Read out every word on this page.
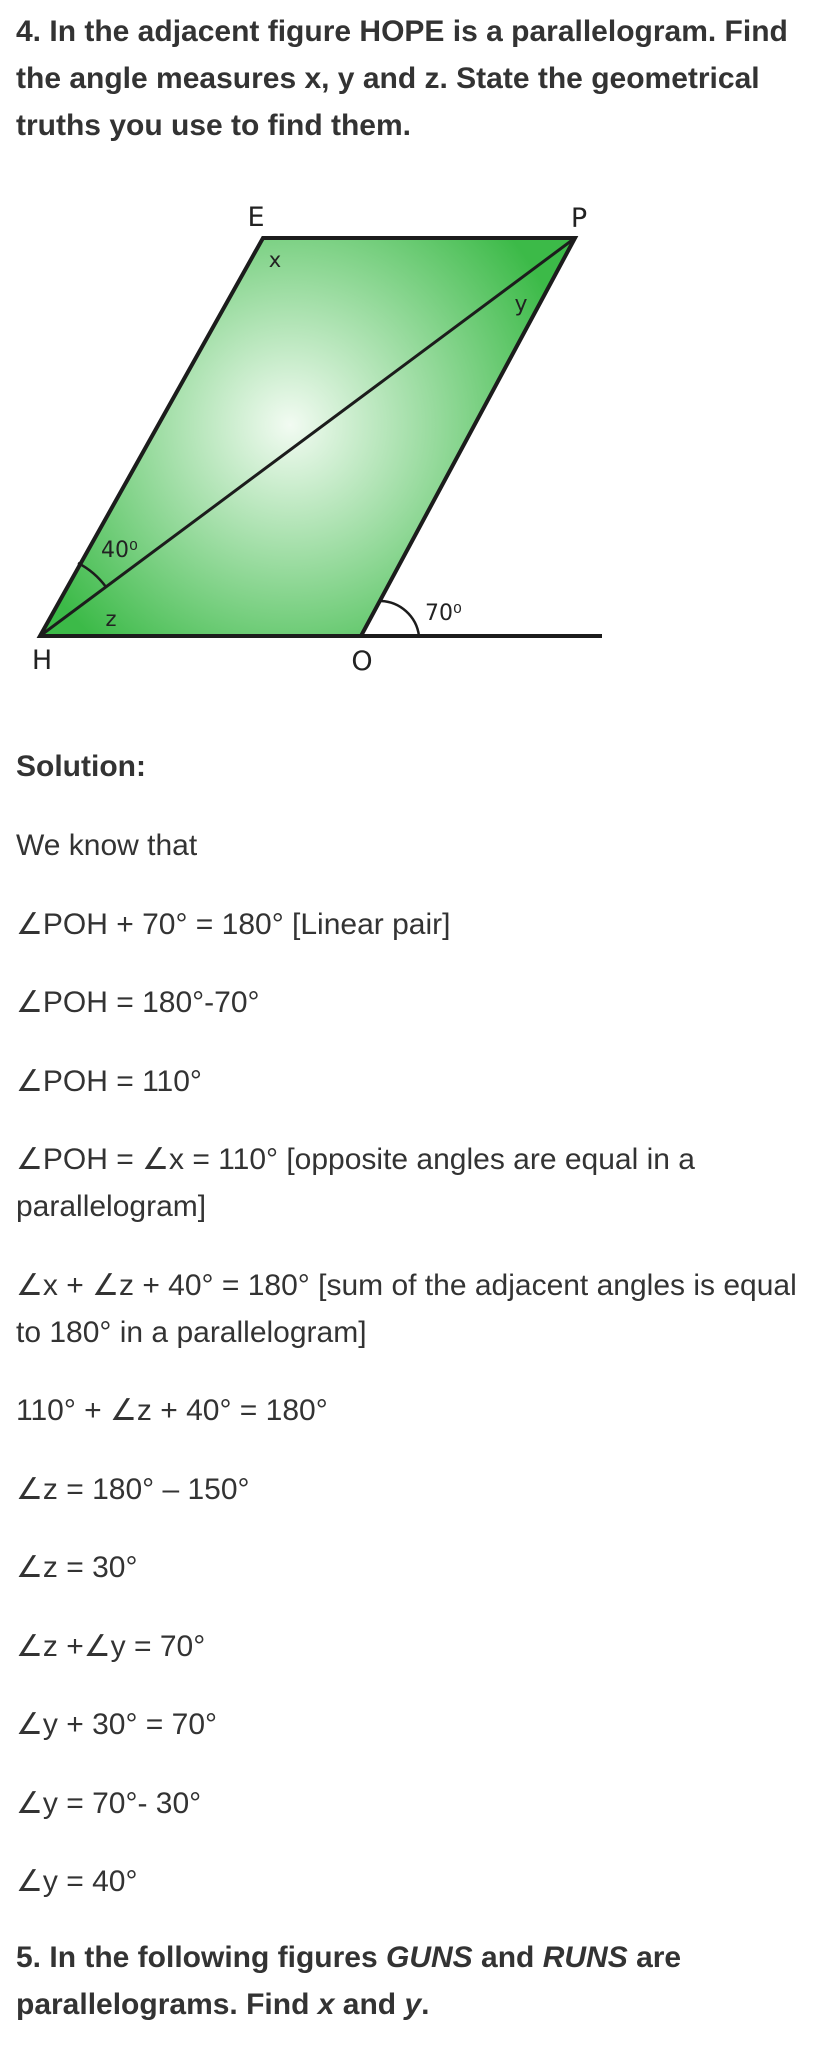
4. In the adjacent figure HOPE is a parallelogram. Find the angle measures x, y and z. State the geometrical truths you use to find them.
E	P
H	O
x
y
z
40⁰
70⁰
Solution:

We know that

∠POH + 70° = 180° [Linear pair]

∠POH = 180°-70°

∠POH = 110°

∠POH = ∠x = 110° [opposite angles are equal in a parallelogram]

∠x + ∠z + 40° = 180° [sum of the adjacent angles is equal to 180° in a parallelogram]

110° + ∠z + 40° = 180°

∠z = 180° – 150°

∠z = 30°

∠z +∠y = 70°

∠y + 30° = 70°

∠y = 70°- 30°

∠y = 40°

5. In the following figures GUNS and RUNS are parallelograms. Find x and y.
